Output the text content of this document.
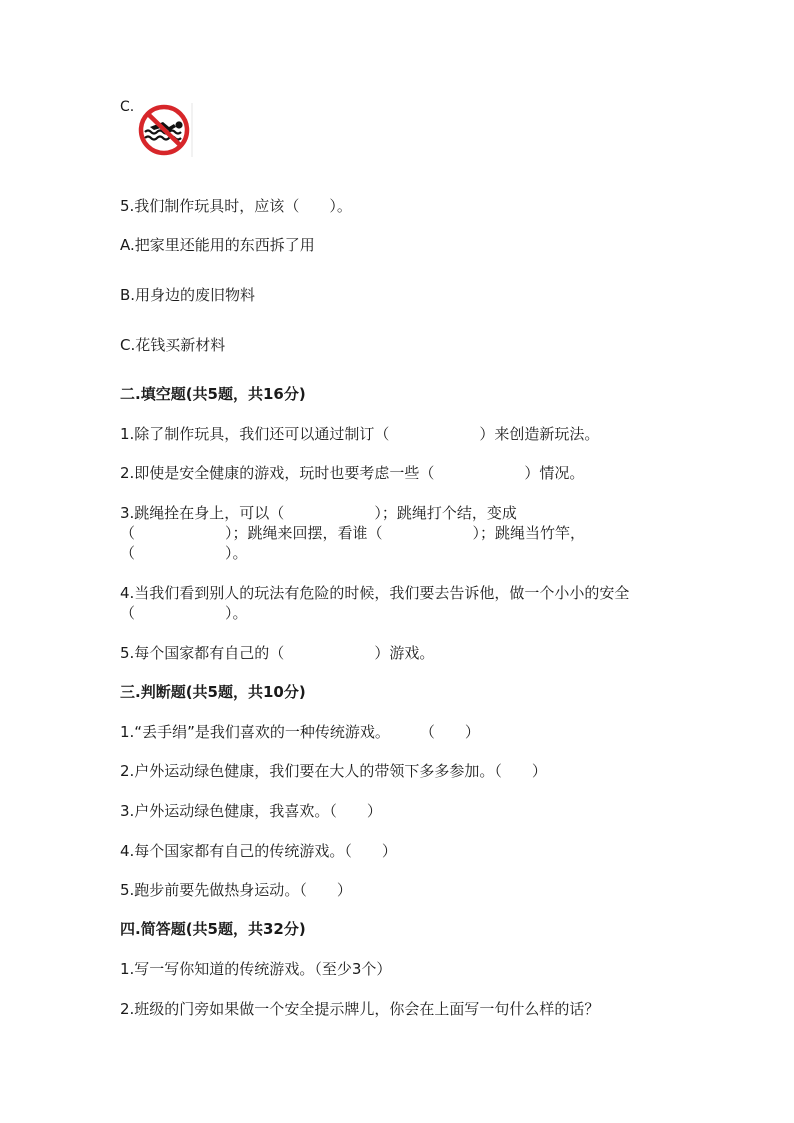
C.
5.我们制作玩具时，应该（　　）。
A.把家里还能用的东西拆了用
B.用身边的废旧物料
C.花钱买新材料
二.填空题(共5题，共16分)
1.除了制作玩具，我们还可以通过制订（　　　　　　）来创造新玩法。
2.即使是安全健康的游戏，玩时也要考虑一些（　　　　　　）情况。
3.跳绳拴在身上，可以（　　　　　　）；跳绳打个结，变成
（　　　　　　）；跳绳来回摆，看谁（　　　　　　）；跳绳当竹竿，
（　　　　　　）。
4.当我们看到别人的玩法有危险的时候，我们要去告诉他，做一个小小的安全
（　　　　　　）。
5.每个国家都有自己的（　　　　　　）游戏。
三.判断题(共5题，共10分)
1.“丢手绢”是我们喜欢的一种传统游戏。　　　（　　）
2.户外运动绿色健康，我们要在大人的带领下多多参加。（　　）
3.户外运动绿色健康，我喜欢。（　　）
4.每个国家都有自己的传统游戏。（　　）
5.跑步前要先做热身运动。（　　）
四.简答题(共5题，共32分)
1.写一写你知道的传统游戏。（至少3个）
2.班级的门旁如果做一个安全提示牌儿，你会在上面写一句什么样的话？
